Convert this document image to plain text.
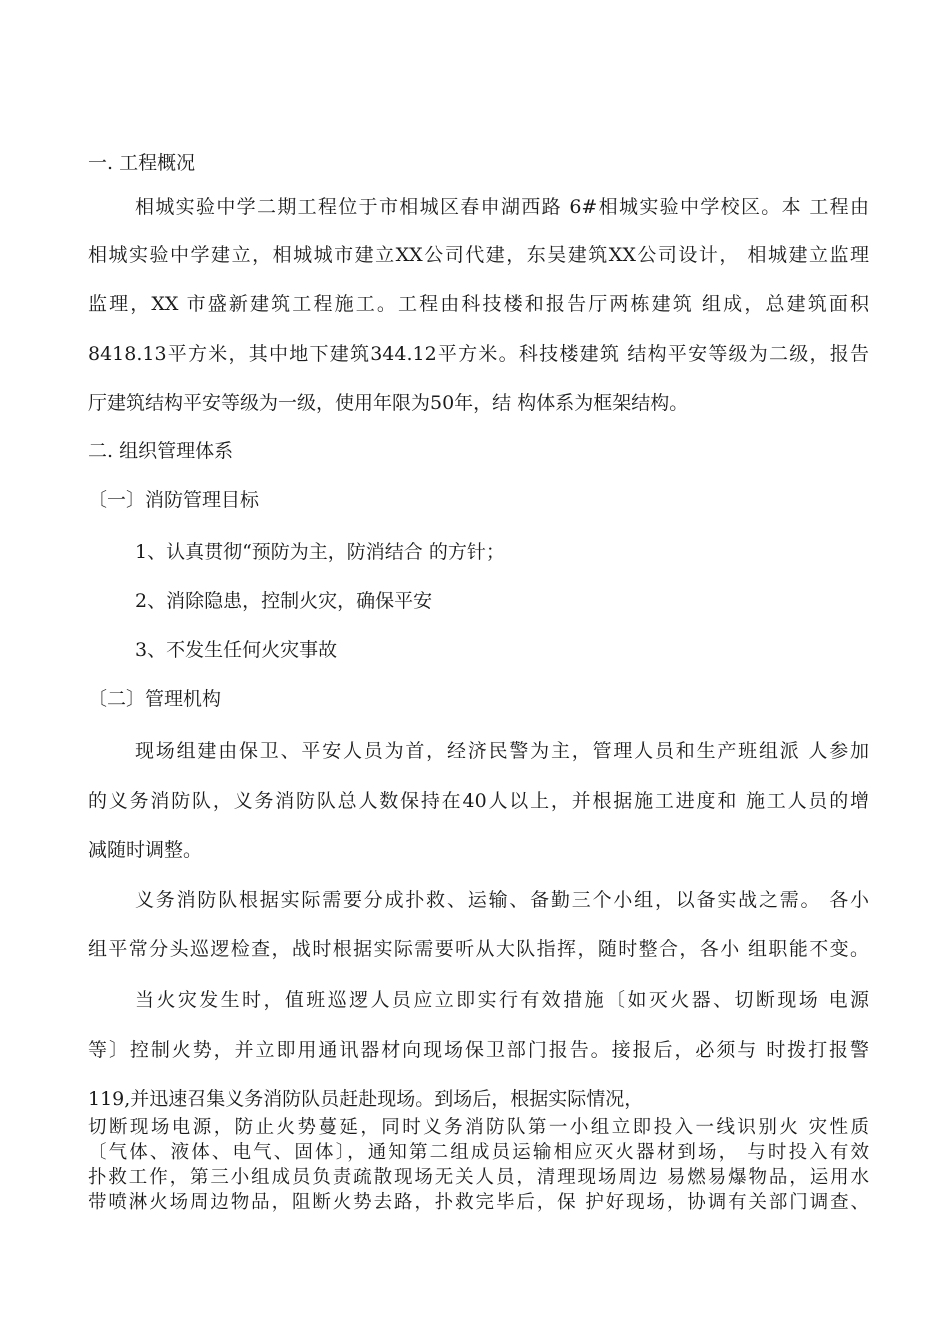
一. 工程概况
相城实验中学二期工程位于市相城区春申湖西路 6#相城实验中学校区。本 工程由
相城实验中学建立，相城城市建立XX公司代建，东吴建筑XX公司设计， 相城建立监理
监理，XX 市盛新建筑工程施工。工程由科技楼和报告厅两栋建筑 组成，总建筑面积
8418.13平方米，其中地下建筑344.12平方米。科技楼建筑 结构平安等级为二级，报告
厅建筑结构平安等级为一级，使用年限为50年，结 构体系为框架结构。
二. 组织管理体系
〔一〕消防管理目标
1、认真贯彻“预防为主，防消结合 的方针；
2、消除隐患，控制火灾，确保平安
3、不发生任何火灾事故
〔二〕管理机构
现场组建由保卫、平安人员为首，经济民警为主，管理人员和生产班组派 人参加
的义务消防队，义务消防队总人数保持在40人以上，并根据施工进度和 施工人员的增
减随时调整。
义务消防队根据实际需要分成扑救、运输、备勤三个小组，以备实战之需。 各小
组平常分头巡逻检查，战时根据实际需要听从大队指挥，随时整合，各小 组职能不变。
当火灾发生时，值班巡逻人员应立即实行有效措施〔如灭火器、切断现场 电源
等〕控制火势，并立即用通讯器材向现场保卫部门报告。接报后，必须与 时拨打报警
119,并迅速召集义务消防队员赶赴现场。到场后，根据实际情况，
切断现场电源，防止火势蔓延，同时义务消防队第一小组立即投入一线识别火 灾性质
〔气体、液体、电气、固体〕，通知第二组成员运输相应灭火器材到场， 与时投入有效
扑救工作，第三小组成员负责疏散现场无关人员，清理现场周边 易燃易爆物品，运用水
带喷淋火场周边物品，阻断火势去路，扑救完毕后，保 护好现场，协调有关部门调查、
